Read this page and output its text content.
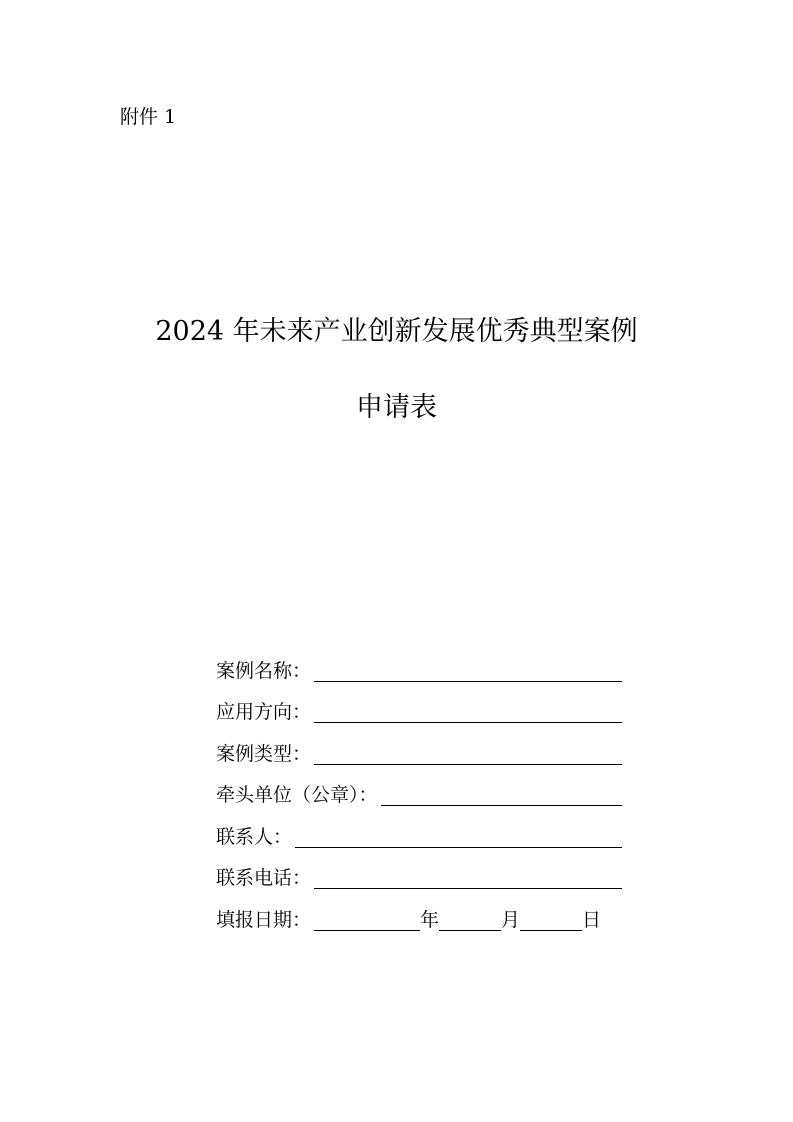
附件 1
2024 年未来产业创新发展优秀典型案例
申请表
案例名称：
应用方向：
案例类型：
牵头单位（公章）：
联系人：
联系电话：
填报日期：	年	月	日
